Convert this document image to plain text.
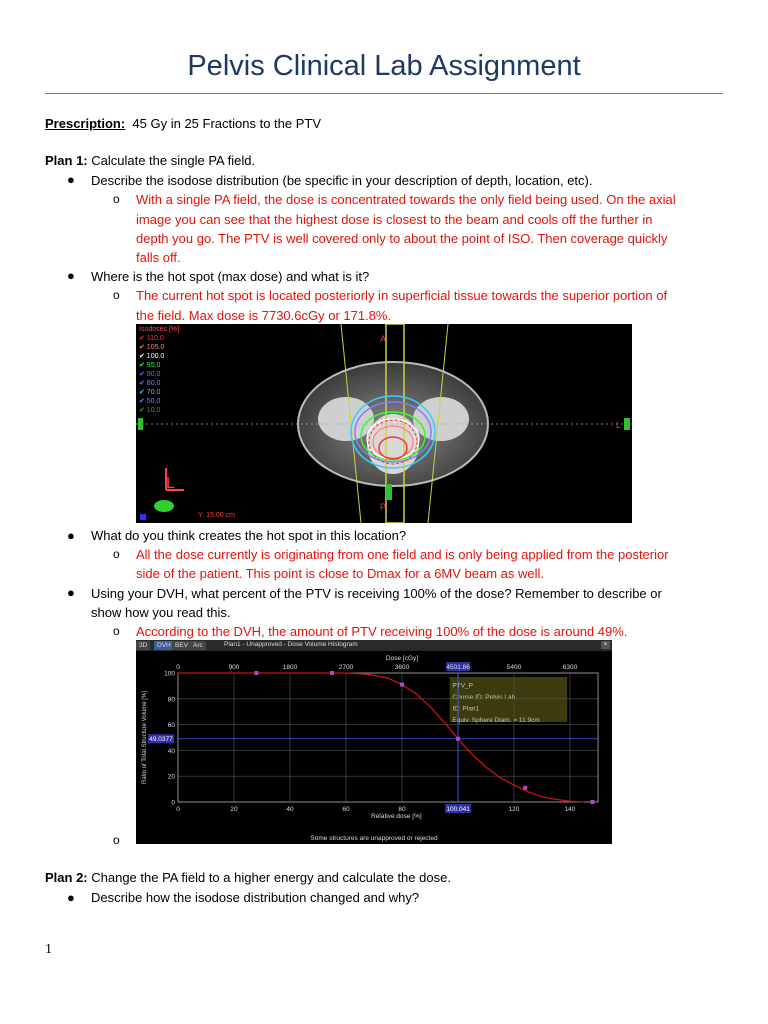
Pelvis Clinical Lab Assignment
Prescription: 45 Gy in 25 Fractions to the PTV
Plan 1: Calculate the single PA field.
● Describe the isodose distribution (be specific in your description of depth, location, etc).
o With a single PA field, the dose is concentrated towards the only field being used. On the axial
image you can see that the highest dose is closest to the beam and cools off the further in
depth you go. The PTV is well covered only to about the point of ISO. Then coverage quickly
falls off.
● Where is the hot spot (max dose) and what is it?
o The current hot spot is located posteriorly in superficial tissue towards the superior portion of
the field. Max dose is 7730.6cGy or 171.8%.
L
Isodoses [%]
✔ 110.0
✔ 105.0
✔ 100.0
✔ 95.0
✔ 90.0
✔ 80.0
✔ 70.0
✔ 50.0
✔ 10.0
A
L
P
Y: 15.00 cm
● What do you think creates the hot spot in this location?
o All the dose currently is originating from one field and is only being applied from the posterior
side of the patient. This point is close to Dmax for a 6MV beam as well.
● Using your DVH, what percent of the PTV is receiving 100% of the dose? Remember to describe or
show how you read this.
o According to the DVH, the amount of PTV receiving 100% of the dose is around 49%.
3D	DVH BEV Arc	Plan1 - Unapproved - Dose Volume Histogram	×
PTV_P
Course ID: Pelvis Lab
ID: Plan1
Equiv. Sphere Diam. = 11.9cm
Dose [cGy]
0	900	1800	2700	3600	4501.86	5400	6300
100
80
60
40
20
0
Ratio of Total Structure Volume [%]
0	20	40	60	80	120	140
Relative dose [%]
49.0377
100.041
Some structures are unapproved or rejected
o
Plan 2: Change the PA field to a higher energy and calculate the dose.
● Describe how the isodose distribution changed and why?
1
